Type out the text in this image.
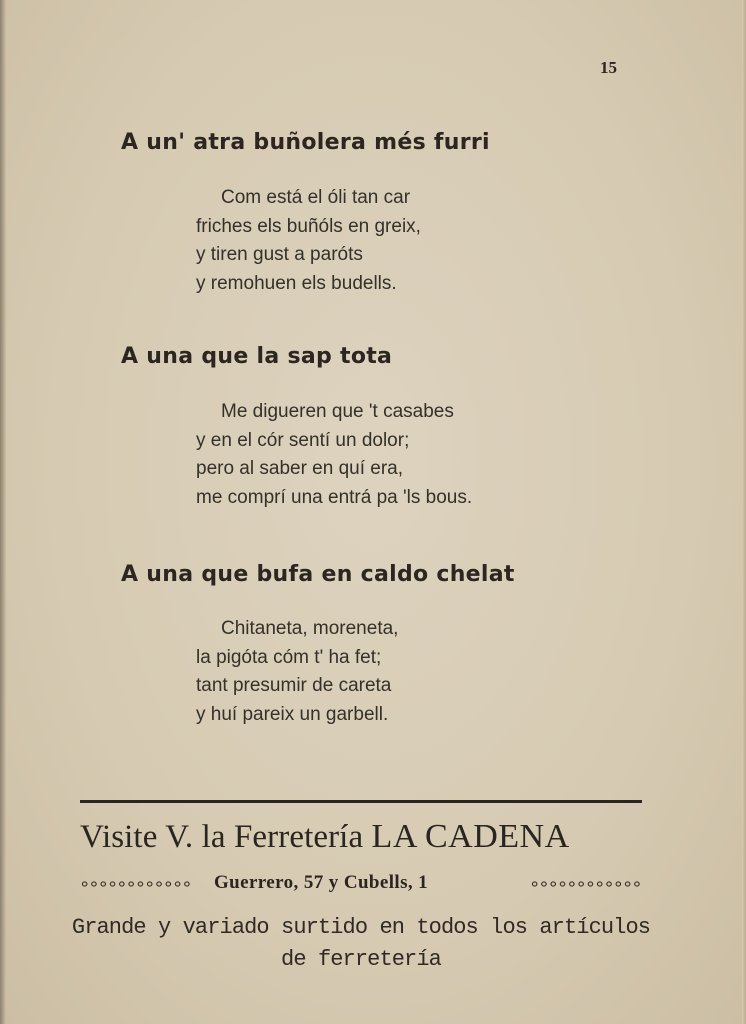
15
A un' atra buñolera més furri
Com está el óli tan car
friches els buñóls en greix,
y tiren gust a paróts
y remohuen els budells.
A una que la sap tota
Me digueren que 't casabes
y en el cór sentí un dolor;
pero al saber en quí era,
me comprí una entrá pa 'ls bous.
A una que bufa en caldo chelat
Chitaneta, moreneta,
la pigóta cóm t' ha fet;
tant presumir de careta
y huí pareix un garbell.
Visite V. la Ferretería LA CADENA
Guerrero, 57 y Cubells, 1
Grande y variado surtido en todos los artículos
de ferretería
